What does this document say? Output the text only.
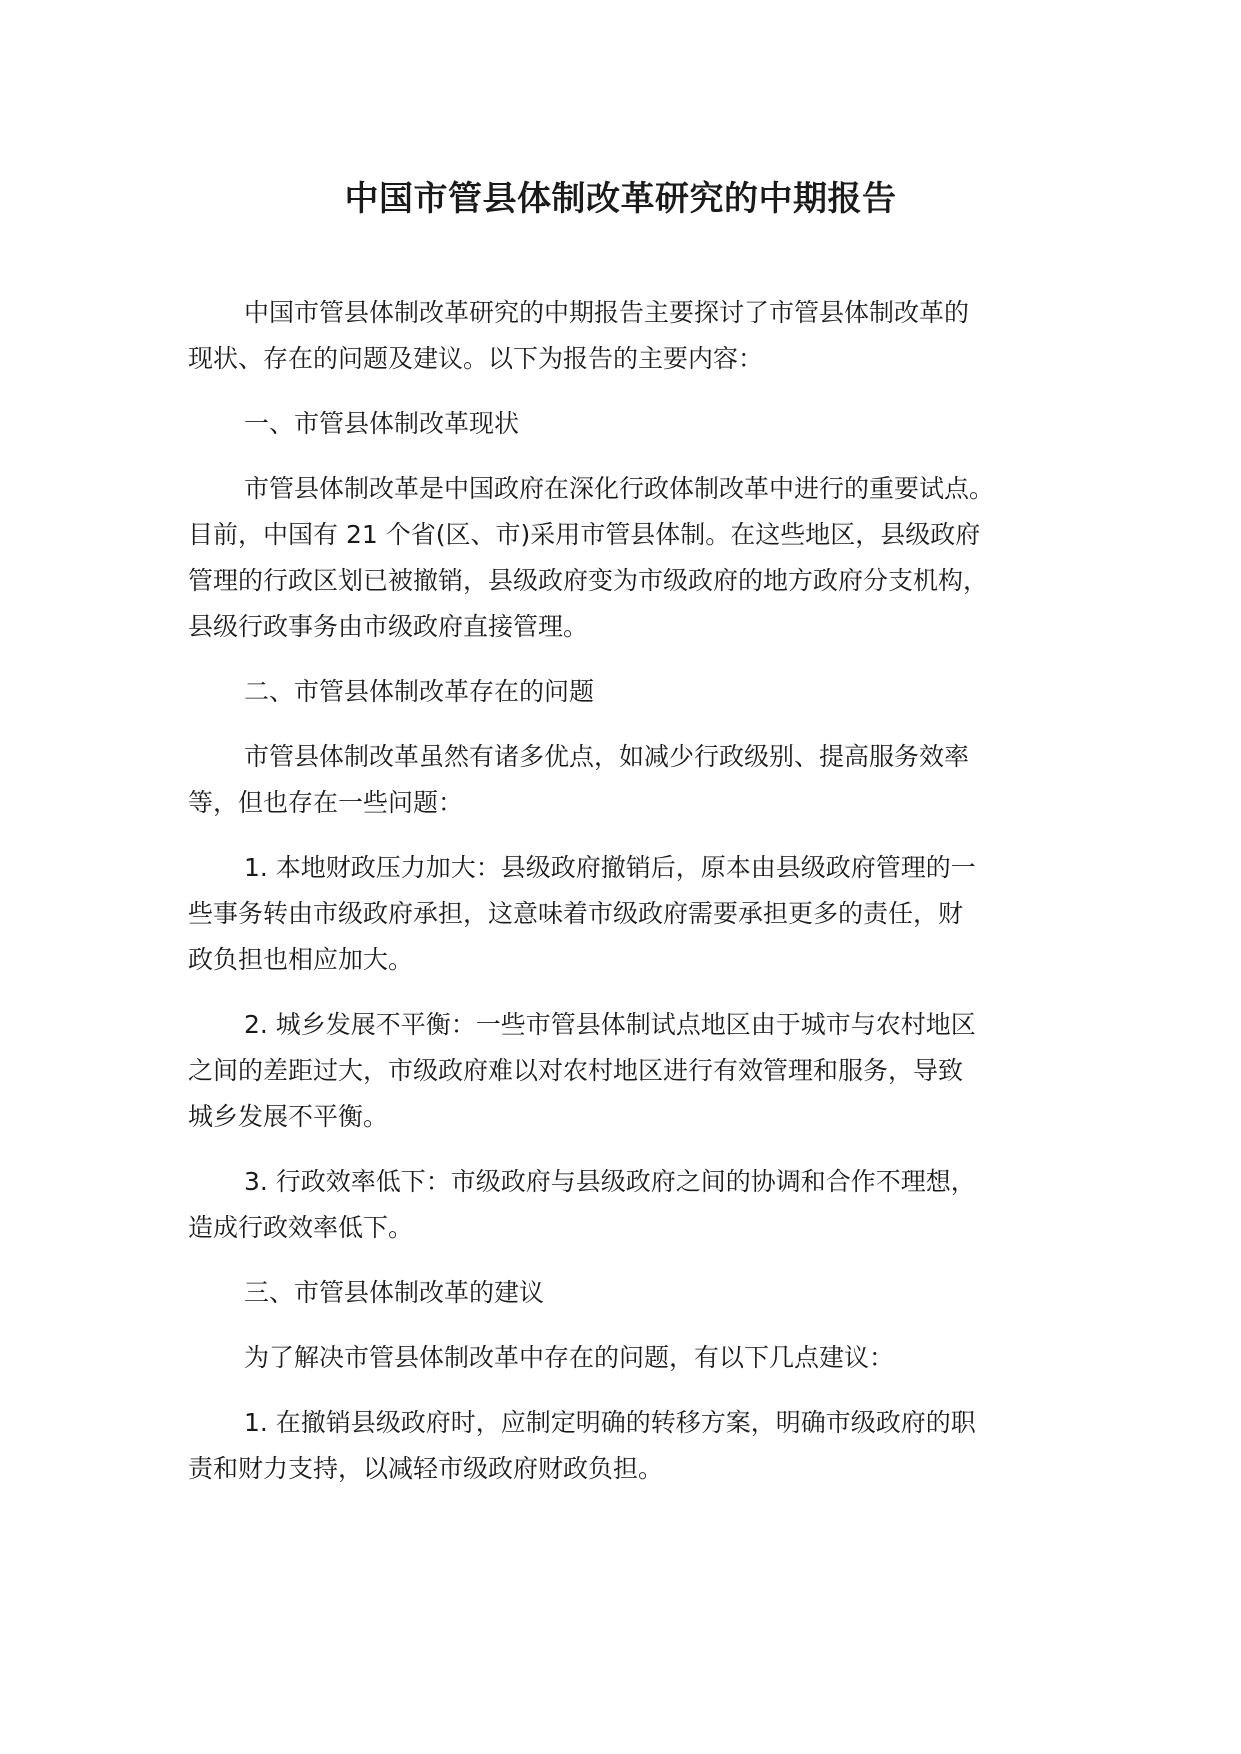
中国市管县体制改革研究的中期报告
中国市管县体制改革研究的中期报告主要探讨了市管县体制改革的
现状、存在的问题及建议。以下为报告的主要内容：
一、市管县体制改革现状
市管县体制改革是中国政府在深化行政体制改革中进行的重要试点。
目前，中国有 21 个省(区、市)采用市管县体制。在这些地区，县级政府
管理的行政区划已被撤销，县级政府变为市级政府的地方政府分支机构，
县级行政事务由市级政府直接管理。
二、市管县体制改革存在的问题
市管县体制改革虽然有诸多优点，如减少行政级别、提高服务效率
等，但也存在一些问题：
1. 本地财政压力加大：县级政府撤销后，原本由县级政府管理的一
些事务转由市级政府承担，这意味着市级政府需要承担更多的责任，财
政负担也相应加大。
2. 城乡发展不平衡：一些市管县体制试点地区由于城市与农村地区
之间的差距过大，市级政府难以对农村地区进行有效管理和服务，导致
城乡发展不平衡。
3. 行政效率低下：市级政府与县级政府之间的协调和合作不理想，
造成行政效率低下。
三、市管县体制改革的建议
为了解决市管县体制改革中存在的问题，有以下几点建议：
1. 在撤销县级政府时，应制定明确的转移方案，明确市级政府的职
责和财力支持，以减轻市级政府财政负担。
